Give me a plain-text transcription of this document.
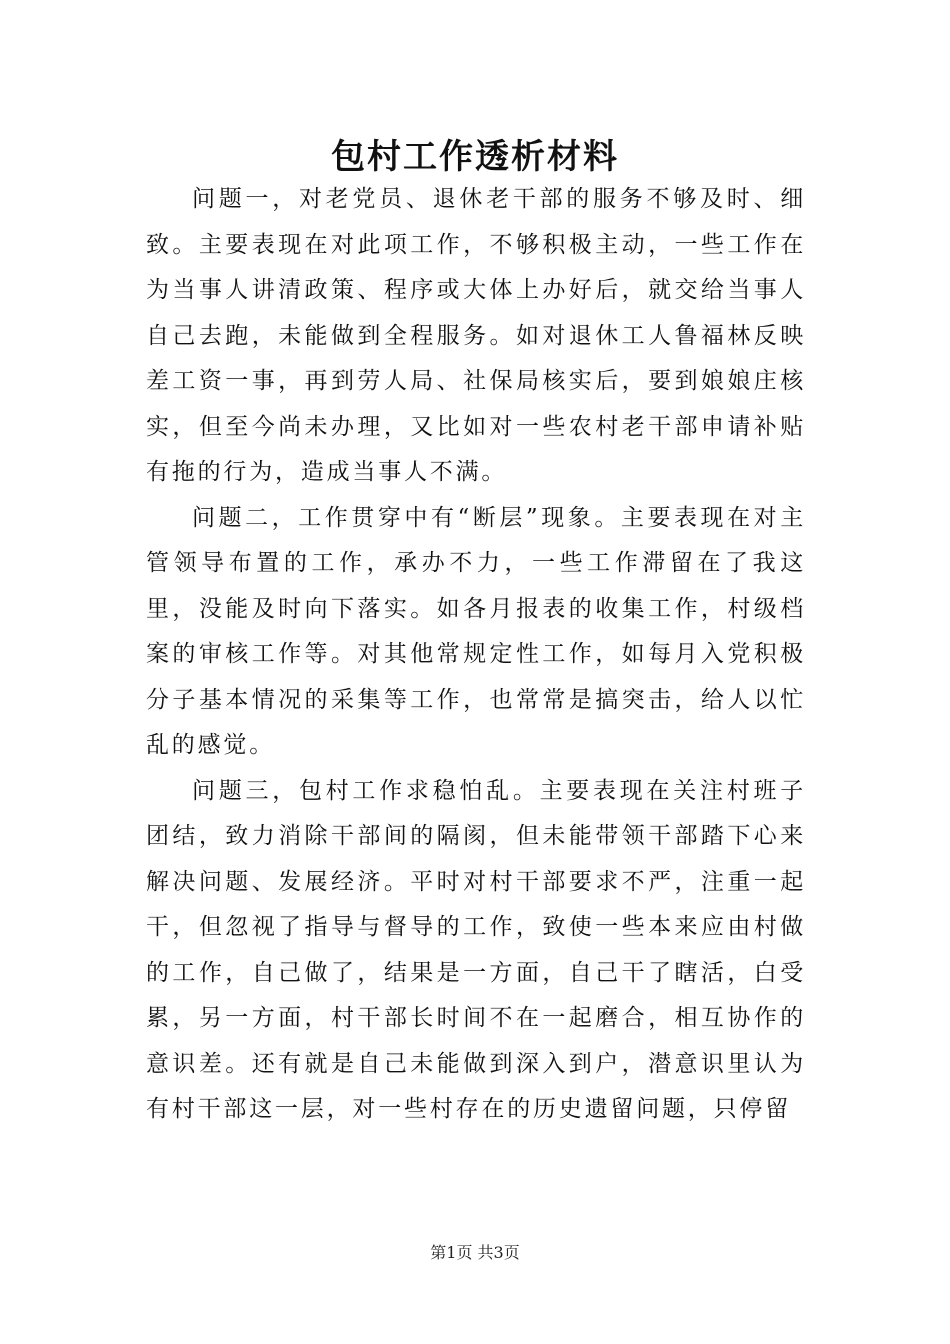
包村工作透析材料

问题一，对老党员、退休老干部的服务不够及时、细致。主要表现在对此项工作，不够积极主动，一些工作在为当事人讲清政策、程序或大体上办好后，就交给当事人自己去跑，未能做到全程服务。如对退休工人鲁福林反映差工资一事，再到劳人局、社保局核实后，要到娘娘庄核实，但至今尚未办理，又比如对一些农村老干部申请补贴有拖的行为，造成当事人不满。

问题二，工作贯穿中有“断层”现象。主要表现在对主管领导布置的工作，承办不力，一些工作滞留在了我这里，没能及时向下落实。如各月报表的收集工作，村级档案的审核工作等。对其他常规定性工作，如每月入党积极分子基本情况的采集等工作，也常常是搞突击，给人以忙乱的感觉。

问题三，包村工作求稳怕乱。主要表现在关注村班子团结，致力消除干部间的隔阂，但未能带领干部踏下心来解决问题、发展经济。平时对村干部要求不严，注重一起干，但忽视了指导与督导的工作，致使一些本来应由村做的工作，自己做了，结果是一方面，自己干了瞎活，白受累，另一方面，村干部长时间不在一起磨合，相互协作的意识差。还有就是自己未能做到深入到户，潜意识里认为有村干部这一层，对一些村存在的历史遗留问题，只停留

第1页 共3页
